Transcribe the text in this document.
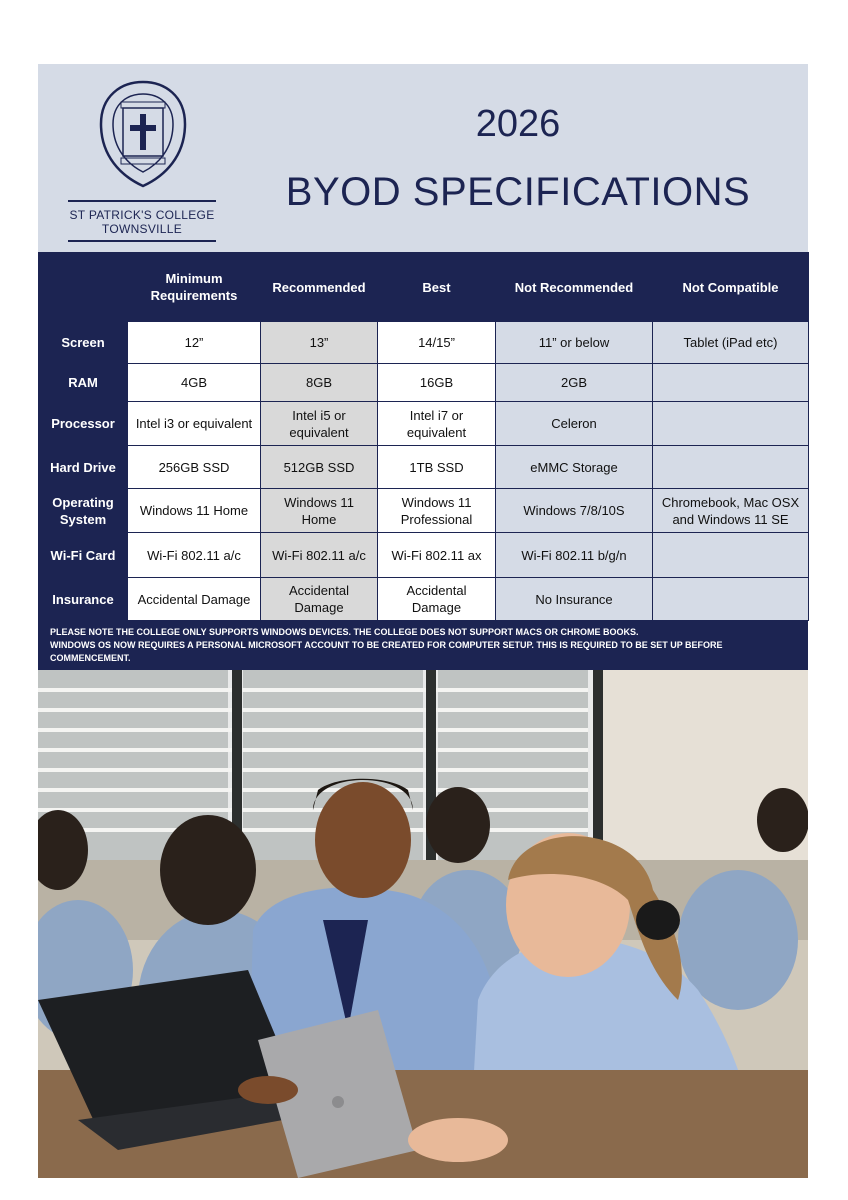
ST PATRICK'S COLLEGE
TOWNSVILLE
2026
BYOD SPECIFICATIONS
	Minimum Requirements	Recommended	Best	Not Recommended	Not Compatible
Screen	12”	13”	14/15”	11” or below	Tablet (iPad etc)
RAM	4GB	8GB	16GB	2GB	
Processor	Intel i3 or equivalent	Intel i5 or equivalent	Intel i7 or equivalent	Celeron	
Hard Drive	256GB SSD	512GB SSD	1TB SSD	eMMC Storage	
Operating System	Windows 11 Home	Windows 11 Home	Windows 11 Professional	Windows 7/8/10S	Chromebook, Mac OSX and Windows 11 SE
Wi-Fi Card	Wi-Fi 802.11 a/c	Wi-Fi 802.11 a/c	Wi-Fi 802.11 ax	Wi-Fi 802.11 b/g/n	
Insurance	Accidental Damage	Accidental Damage	Accidental Damage	No Insurance	
PLEASE NOTE THE COLLEGE ONLY SUPPORTS WINDOWS DEVICES. THE COLLEGE DOES NOT SUPPORT MACS OR CHROME BOOKS.
WINDOWS OS NOW REQUIRES A PERSONAL MICROSOFT ACCOUNT TO BE CREATED FOR COMPUTER SETUP. THIS IS REQUIRED TO BE SET UP BEFORE COMMENCEMENT.
